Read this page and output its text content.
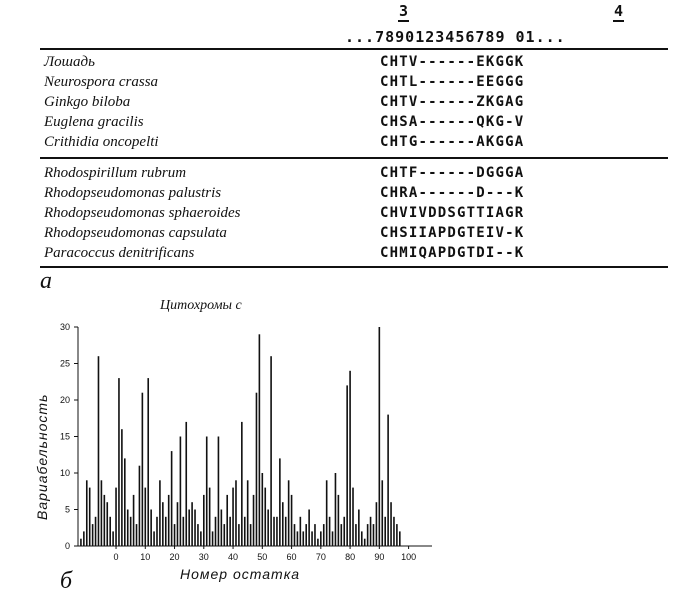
3	4
...7890123456789 01...
Лошадь	CHTV------EKGGK
Neurospora crassa	CHTL------EEGGG
Ginkgo biloba	CHTV------ZKGAG
Euglena gracilis	CHSA------QKG-V
Crithidia oncopelti	CHTG------AKGGA
Rhodospirillum rubrum	CHTF------DGGGA
Rhodopseudomonas palustris	CHRA------D---K
Rhodopseudomonas sphaeroides	CHVIVDDSGTTIAGR
Rhodopseudomonas capsulata	CHSIIAPDGTEIV-K
Paracoccus denitrificans	CHMIQAPDGTDI--K
а
Цитохромы с
Вариабельность
0
5
10
15
20
25
30
0 10 20 30 40 50 60 70 80 90 100
Номер остатка
б
